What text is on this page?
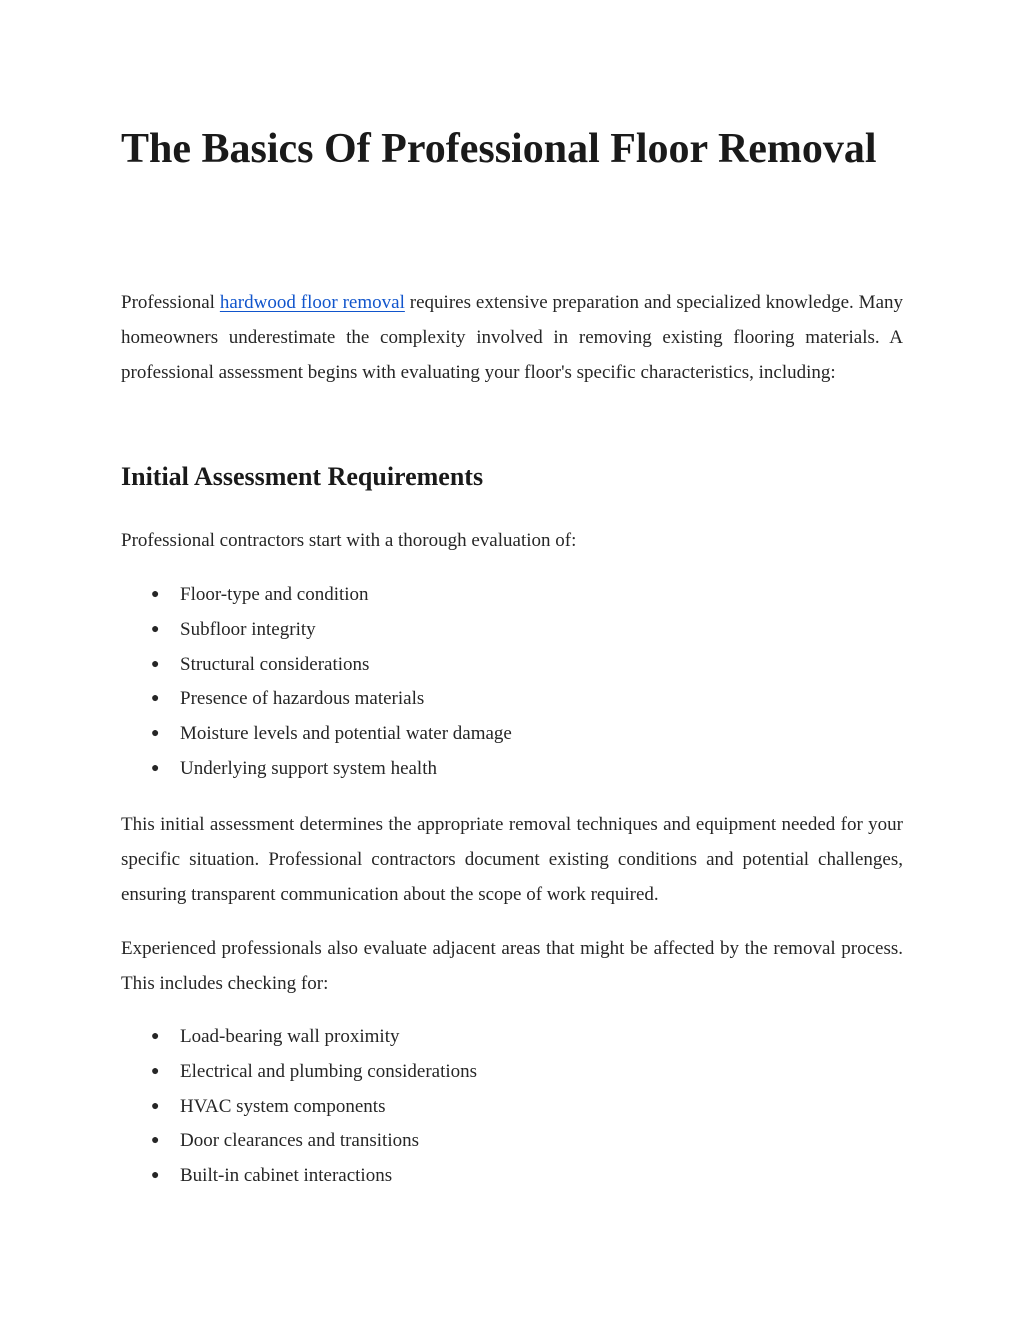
The Basics Of Professional Floor Removal

Professional hardwood floor removal requires extensive preparation and specialized knowledge. Many homeowners underestimate the complexity involved in removing existing flooring materials. A professional assessment begins with evaluating your floor's specific characteristics, including:

Initial Assessment Requirements

Professional contractors start with a thorough evaluation of:

● Floor-type and condition
● Subfloor integrity
● Structural considerations
● Presence of hazardous materials
● Moisture levels and potential water damage
● Underlying support system health

This initial assessment determines the appropriate removal techniques and equipment needed for your specific situation. Professional contractors document existing conditions and potential challenges, ensuring transparent communication about the scope of work required.

Experienced professionals also evaluate adjacent areas that might be affected by the removal process. This includes checking for:

● Load-bearing wall proximity
● Electrical and plumbing considerations
● HVAC system components
● Door clearances and transitions
● Built-in cabinet interactions
